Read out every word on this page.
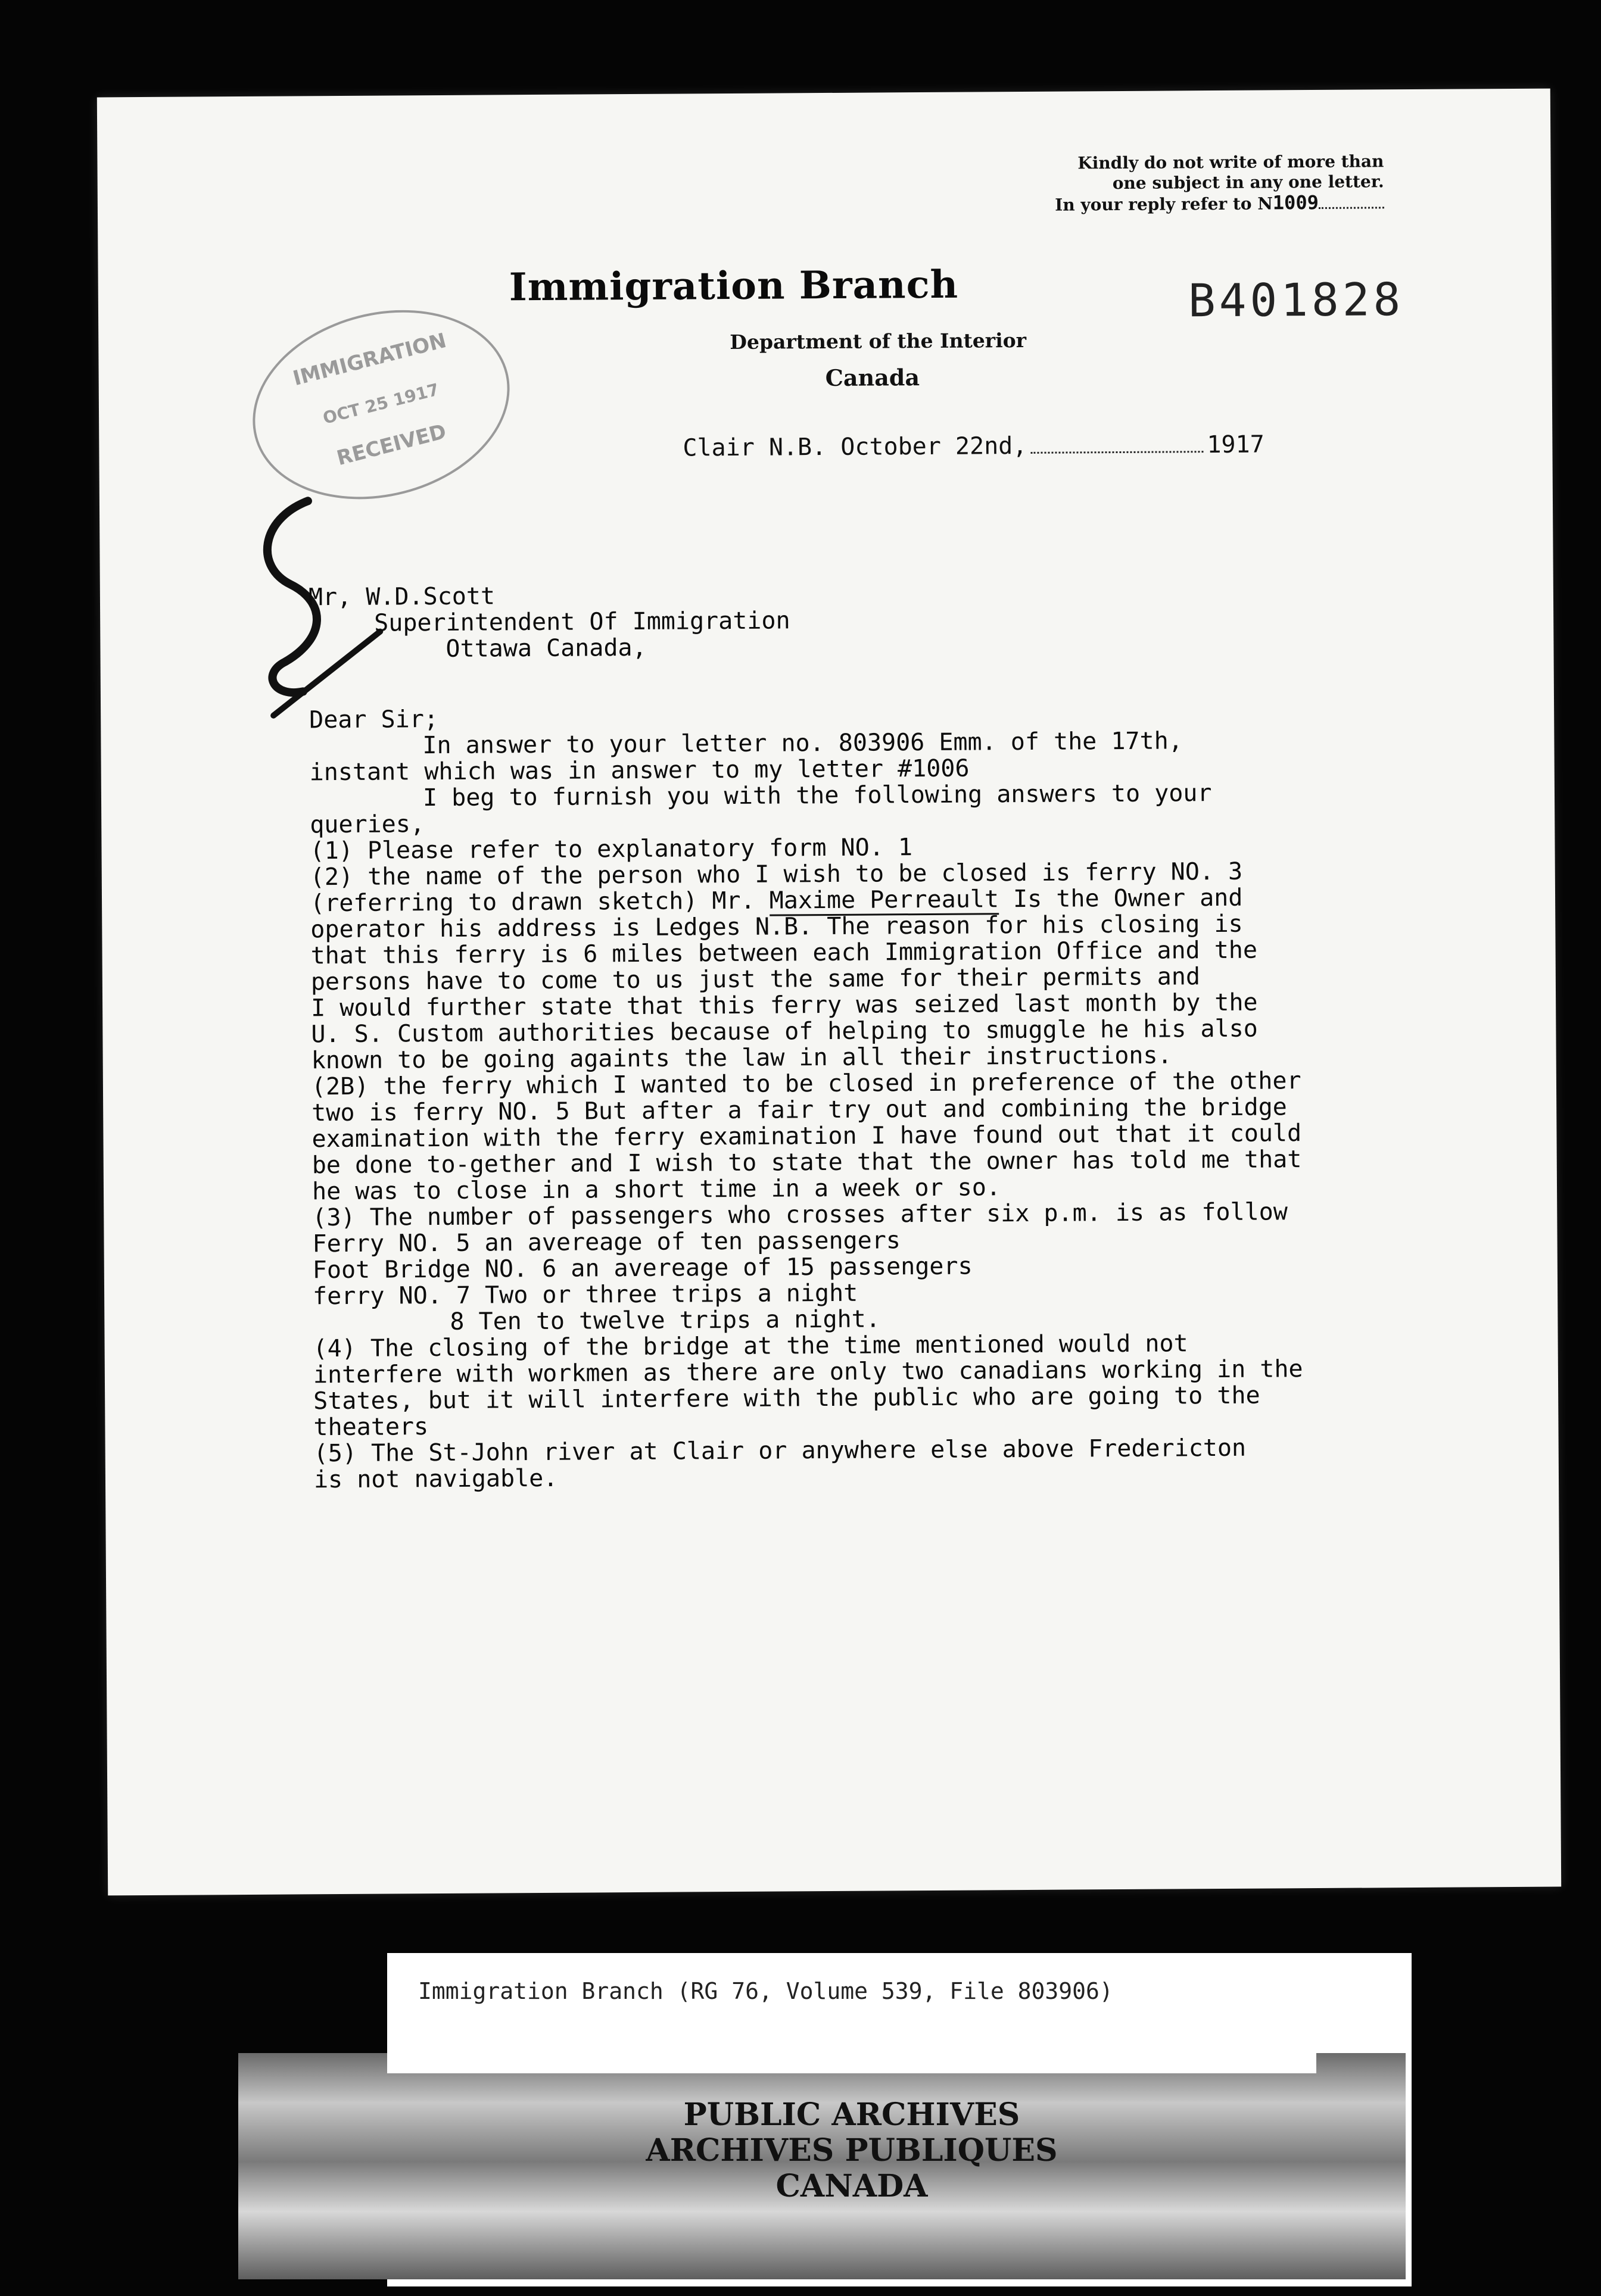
Kindly do not write of more than
one subject in any one letter.
In your reply refer to N1009
Immigration Branch
Department of the Interior
Canada
B401828
IMMIGRATION
OCT 25 1917
RECEIVED	Clair N.B. October 22nd,	1917
Mr, W.D.Scott
Superintendent Of Immigration
Ottawa Canada,
Dear Sir;
In answer to your letter no. 803906 Emm. of the 17th,
instant which was in answer to my letter #1006
I beg to furnish you with the following answers to your
queries,
(1) Please refer to explanatory form NO. 1
(2) the name of the person who I wish to be closed is ferry NO. 3
(referring to drawn sketch) Mr. Maxime Perreault Is the Owner and
operator his address is Ledges N.B. The reason for his closing is
that this ferry is 6 miles between each Immigration Office and the
persons have to come to us just the same for their permits and
I would further state that this ferry was seized last month by the
U. S. Custom authorities because of helping to smuggle he his also
known to be going againts the law in all their instructions.
(2B) the ferry which I wanted to be closed in preference of the other
two is ferry NO. 5 But after a fair try out and combining the bridge
examination with the ferry examination I have found out that it could
be done to-gether and I wish to state that the owner has told me that
he was to close in a short time in a week or so.
(3) The number of passengers who crosses after six p.m. is as follow
Ferry NO. 5 an avereage of ten passengers
Foot Bridge NO. 6 an avereage of 15 passengers
ferry NO. 7 Two or three trips a night
8 Ten to twelve trips a night.
(4) The closing of the bridge at the time mentioned would not
interfere with workmen as there are only two canadians working in the
States, but it will interfere with the public who are going to the
theaters
(5) The St-John river at Clair or anywhere else above Fredericton
is not navigable.
Immigration Branch (RG 76, Volume 539, File 803906)
PUBLIC ARCHIVES
ARCHIVES PUBLIQUES
CANADA
